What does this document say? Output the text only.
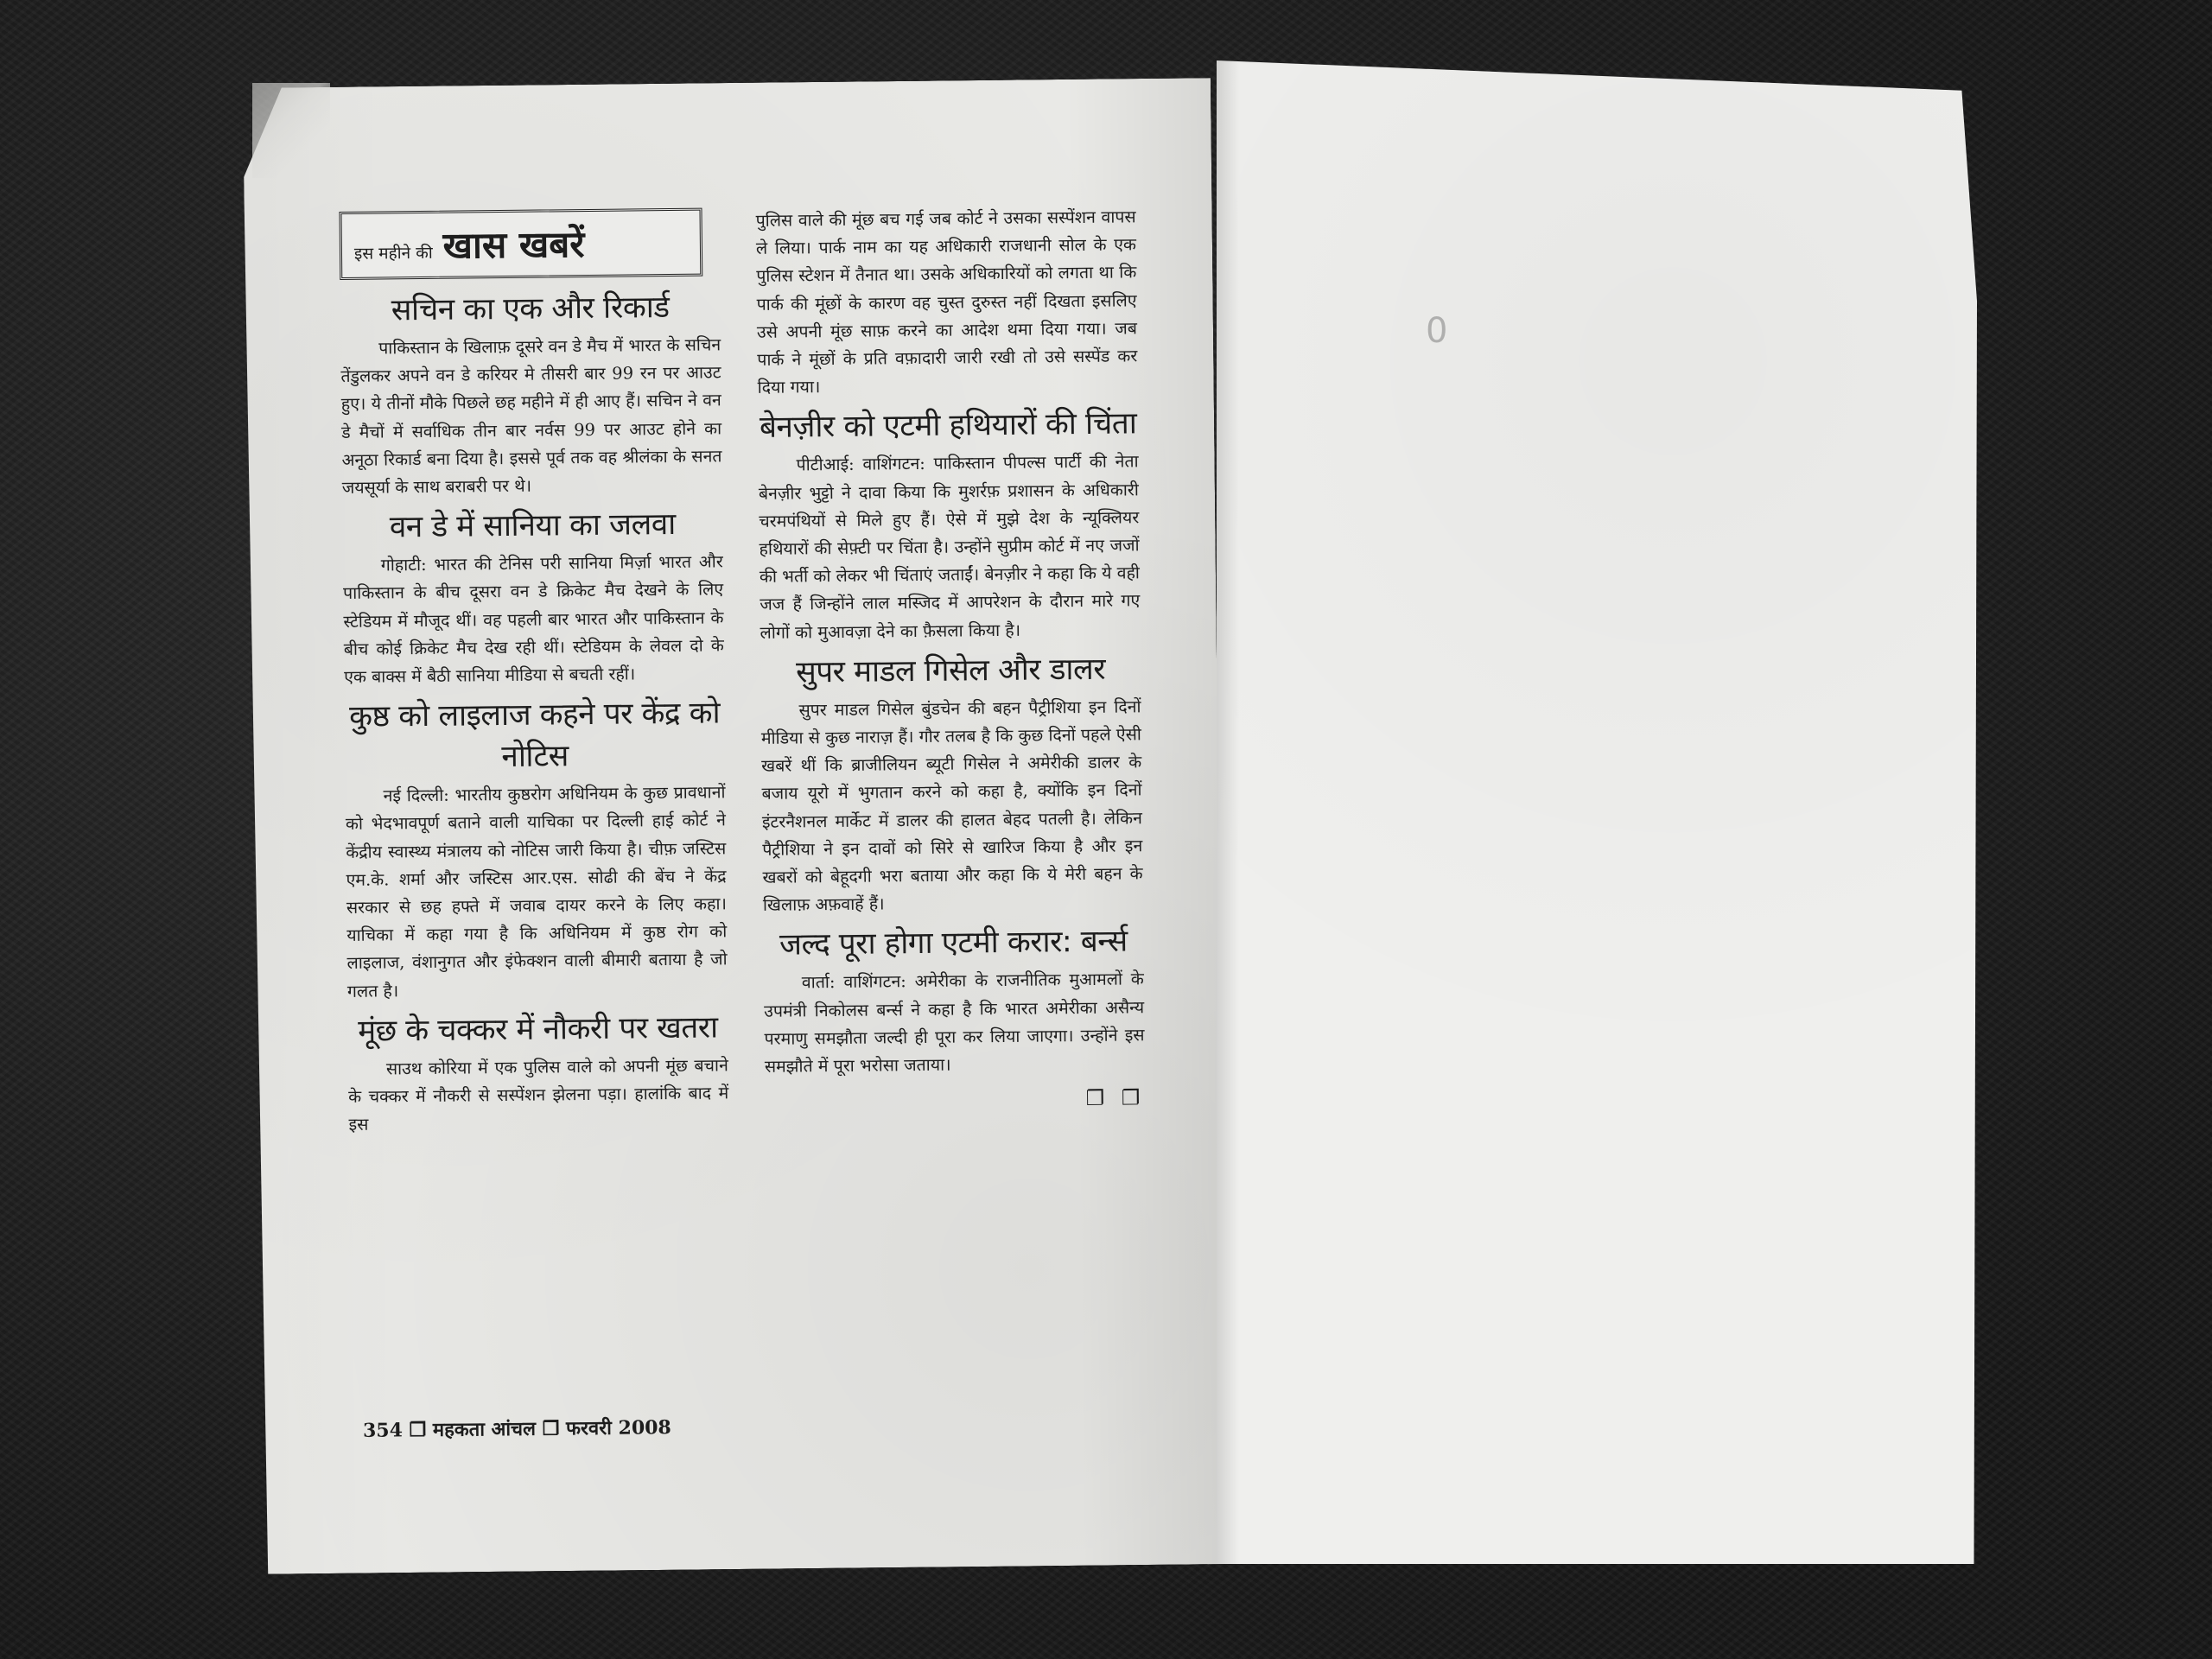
0
इस महीने की खास खबरें
सचिन का एक और रिकार्ड

पाकिस्तान के खिलाफ़ दूसरे वन डे मैच में भारत के सचिन तेंडुलकर अपने वन डे करियर मे तीसरी बार 99 रन पर आउट हुए। ये तीनों मौके पिछले छह महीने में ही आए हैं। सचिन ने वन डे मैचों में सर्वाधिक तीन बार नर्वस 99 पर आउट होने का अनूठा रिकार्ड बना दिया है। इससे पूर्व तक वह श्रीलंका के सनत जयसूर्या के साथ बराबरी पर थे।

वन डे में सानिया का जलवा

गोहाटी: भारत की टेनिस परी सानिया मिर्ज़ा भारत और पाकिस्तान के बीच दूसरा वन डे क्रिकेट मैच देखने के लिए स्टेडियम में मौजूद थीं। वह पहली बार भारत और पाकिस्तान के बीच कोई क्रिकेट मैच देख रही थीं। स्टेडियम के लेवल दो के एक बाक्स में बैठी सानिया मीडिया से बचती रहीं।

कुष्ठ को लाइलाज कहने पर केंद्र को नोटिस

नई दिल्ली: भारतीय कुष्ठरोग अधिनियम के कुछ प्रावधानों को भेदभावपूर्ण बताने वाली याचिका पर दिल्ली हाई कोर्ट ने केंद्रीय स्वास्थ्य मंत्रालय को नोटिस जारी किया है। चीफ़ जस्टिस एम.के. शर्मा और जस्टिस आर.एस. सोढी की बेंच ने केंद्र सरकार से छह हफ्ते में जवाब दायर करने के लिए कहा। याचिका में कहा गया है कि अधिनियम में कुष्ठ रोग को लाइलाज, वंशानुगत और इंफेक्शन वाली बीमारी बताया है जो गलत है।

मूंछ के चक्कर में नौकरी पर खतरा

साउथ कोरिया में एक पुलिस वाले को अपनी मूंछ बचाने के चक्कर में नौकरी से सस्पेंशन झेलना पड़ा। हालांकि बाद में इस

पुलिस वाले की मूंछ बच गई जब कोर्ट ने उसका सस्पेंशन वापस ले लिया। पार्क नाम का यह अधिकारी राजधानी सोल के एक पुलिस स्टेशन में तैनात था। उसके अधिकारियों को लगता था कि पार्क की मूंछों के कारण वह चुस्त दुरुस्त नहीं दिखता इसलिए उसे अपनी मूंछ साफ़ करने का आदेश थमा दिया गया। जब पार्क ने मूंछों के प्रति वफ़ादारी जारी रखी तो उसे सस्पेंड कर दिया गया।

बेनज़ीर को एटमी हथियारों की चिंता

पीटीआई: वाशिंगटन: पाकिस्तान पीपल्स पार्टी की नेता बेनज़ीर भुट्टो ने दावा किया कि मुशर्रफ़ प्रशासन के अधिकारी चरमपंथियों से मिले हुए हैं। ऐसे में मुझे देश के न्यूक्लियर हथियारों की सेफ़्टी पर चिंता है। उन्होंने सुप्रीम कोर्ट में नए जजों की भर्ती को लेकर भी चिंताएं जताईं। बेनज़ीर ने कहा कि ये वही जज हैं जिन्होंने लाल मस्जिद में आपरेशन के दौरान मारे गए लोगों को मुआवज़ा देने का फ़ैसला किया है।

सुपर माडल गिसेल और डालर

सुपर माडल गिसेल बुंडचेन की बहन पैट्रीशिया इन दिनों मीडिया से कुछ नाराज़ हैं। गौर तलब है कि कुछ दिनों पहले ऐसी खबरें थीं कि ब्राजीलियन ब्यूटी गिसेल ने अमेरीकी डालर के बजाय यूरो में भुगतान करने को कहा है, क्योंकि इन दिनों इंटरनैशनल मार्केट में डालर की हालत बेहद पतली है। लेकिन पैट्रीशिया ने इन दावों को सिरे से खारिज किया है और इन खबरों को बेहूदगी भरा बताया और कहा कि ये मेरी बहन के खिलाफ़ अफ़वाहें हैं।

जल्द पूरा होगा एटमी करार: बर्न्स

वार्ता: वाशिंगटन: अमेरीका के राजनीतिक मुआमलों के उपमंत्री निकोलस बर्न्स ने कहा है कि भारत अमेरीका असैन्य परमाणु समझौता जल्दी ही पूरा कर लिया जाएगा। उन्होंने इस समझौते में पूरा भरोसा जताया।

❐ ❐
354 ❐ महकता आंचल ❐ फरवरी 2008
